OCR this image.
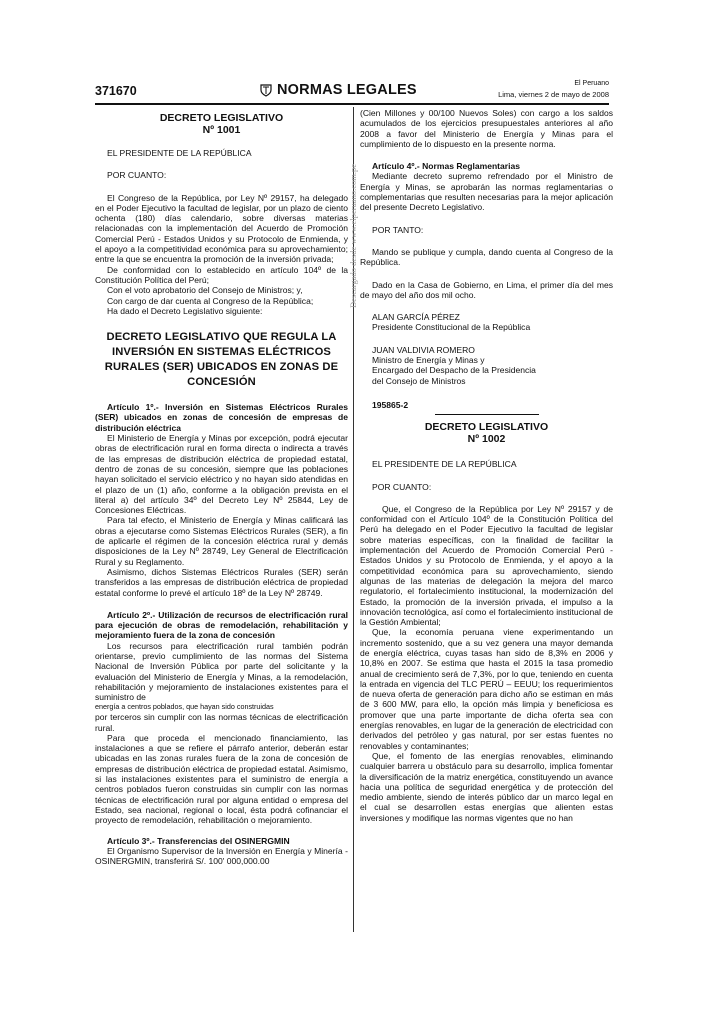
371670	NORMAS LEGALES	El Peruano
Lima, viernes 2 de mayo de 2008
Descargado desde www.elperuano.com.pe

DECRETO LEGISLATIVO

Nº 1001

EL PRESIDENTE DE LA REPÚBLICA

POR CUANTO:

El Congreso de la República, por Ley Nº 29157, ha delegado en el Poder Ejecutivo la facultad de legislar, por un plazo de ciento ochenta (180) días calendario, sobre diversas materias relacionadas con la implementación del Acuerdo de Promoción Comercial Perú - Estados Unidos y su Protocolo de Enmienda, y el apoyo a la competitividad económica para su aprovechamiento; entre la que se encuentra la promoción de la inversión privada;

De conformidad con lo establecido en artículo 104º de la Constitución Política del Perú;

Con el voto aprobatorio del Consejo de Ministros; y,

Con cargo de dar cuenta al Congreso de la República;

Ha dado el Decreto Legislativo siguiente:

DECRETO LEGISLATIVO QUE REGULA LA INVERSIÓN EN SISTEMAS ELÉCTRICOS RURALES (SER) UBICADOS EN ZONAS DE CONCESIÓN

Artículo 1º.- Inversión en Sistemas Eléctricos Rurales (SER) ubicados en zonas de concesión de empresas de distribución eléctrica

El Ministerio de Energía y Minas por excepción, podrá ejecutar obras de electrificación rural en forma directa o indirecta a través de las empresas de distribución eléctrica de propiedad estatal, dentro de zonas de su concesión, siempre que las poblaciones hayan solicitado el servicio eléctrico y no hayan sido atendidas en el plazo de un (1) año, conforme a la obligación prevista en el literal a) del artículo 34º del Decreto Ley Nº 25844, Ley de Concesiones Eléctricas.

Para tal efecto, el Ministerio de Energía y Minas calificará las obras a ejecutarse como Sistemas Eléctricos Rurales (SER), a fin de aplicarle el régimen de la concesión eléctrica rural y demás disposiciones de la Ley Nº 28749, Ley General de Electrificación Rural y su Reglamento.

Asimismo, dichos Sistemas Eléctricos Rurales (SER) serán transferidos a las empresas de distribución eléctrica de propiedad estatal conforme lo prevé el artículo 18º de la Ley Nº 28749.

Artículo 2º.- Utilización de recursos de electrificación rural para ejecución de obras de remodelación, rehabilitación y mejoramiento fuera de la zona de concesión

Los recursos para electrificación rural también podrán orientarse, previo cumplimiento de las normas del Sistema Nacional de Inversión Pública por parte del solicitante y la evaluación del Ministerio de Energía y Minas, a la remodelación, rehabilitación y mejoramiento de instalaciones existentes para el suministro de

energía a centros poblados, que hayan sido construidas

por terceros sin cumplir con las normas técnicas de electrificación rural.

Para que proceda el mencionado financiamiento, las instalaciones a que se refiere el párrafo anterior, deberán estar ubicadas en las zonas rurales fuera de la zona de concesión de empresas de distribución eléctrica de propiedad estatal. Asimismo, si las instalaciones existentes para el suministro de energía a centros poblados fueron construidas sin cumplir con las normas técnicas de electrificación rural por alguna entidad o empresa del Estado, sea nacional, regional o local, ésta podrá cofinanciar el proyecto de remodelación, rehabilitación o mejoramiento.

Artículo 3º.- Transferencias del OSINERGMIN

El Organismo Supervisor de la Inversión en Energía y Minería - OSINERGMIN, transferirá S/. 100' 000,000.00

(Cien Millones y 00/100 Nuevos Soles) con cargo a los saldos acumulados de los ejercicios presupuestales anteriores al año 2008 a favor del Ministerio de Energía y Minas para el cumplimiento de lo dispuesto en la presente norma.

Artículo 4º.- Normas Reglamentarias

Mediante decreto supremo refrendado por el Ministro de Energía y Minas, se aprobarán las normas reglamentarias o complementarias que resulten necesarias para la mejor aplicación del presente Decreto Legislativo.

POR TANTO:

Mando se publique y cumpla, dando cuenta al Congreso de la República.

Dado en la Casa de Gobierno, en Lima, el primer día del mes de mayo del año dos mil ocho.

ALAN GARCÍA PÉREZ

Presidente Constitucional de la República

JUAN VALDIVIA ROMERO

Ministro de Energía y Minas y

Encargado del Despacho de la Presidencia

del Consejo de Ministros

195865-2

DECRETO LEGISLATIVO

Nº 1002

EL PRESIDENTE DE LA REPÚBLICA

POR CUANTO:

Que, el Congreso de la República por Ley Nº 29157 y de conformidad con el Artículo 104º de la Constitución Política del Perú ha delegado en el Poder Ejecutivo la facultad de legislar sobre materias específicas, con la finalidad de facilitar la implementación del Acuerdo de Promoción Comercial Perú - Estados Unidos y su Protocolo de Enmienda, y el apoyo a la competitividad económica para su aprovechamiento, siendo algunas de las materias de delegación la mejora del marco regulatorio, el fortalecimiento institucional, la modernización del Estado, la promoción de la inversión privada, el impulso a la innovación tecnológica, así como el fortalecimiento institucional de la Gestión Ambiental;

Que, la economía peruana viene experimentando un incremento sostenido, que a su vez genera una mayor demanda de energía eléctrica, cuyas tasas han sido de 8,3% en 2006 y 10,8% en 2007. Se estima que hasta el 2015 la tasa promedio anual de crecimiento será de 7,3%, por lo que, teniendo en cuenta la entrada en vigencia del TLC PERÚ – EEUU; los requerimientos de nueva oferta de generación para dicho año se estiman en más de 3 600 MW, para ello, la opción más limpia y beneficiosa es promover que una parte importante de dicha oferta sea con energías renovables, en lugar de la generación de electricidad con derivados del petróleo y gas natural, por ser estas fuentes no renovables y contaminantes;

Que, el fomento de las energías renovables, eliminando cualquier barrera u obstáculo para su desarrollo, implica fomentar la diversificación de la matriz energética, constituyendo un avance hacia una política de seguridad energética y de protección del medio ambiente, siendo de interés público dar un marco legal en el cual se desarrollen estas energías que alienten estas inversiones y modifique las normas vigentes que no han
